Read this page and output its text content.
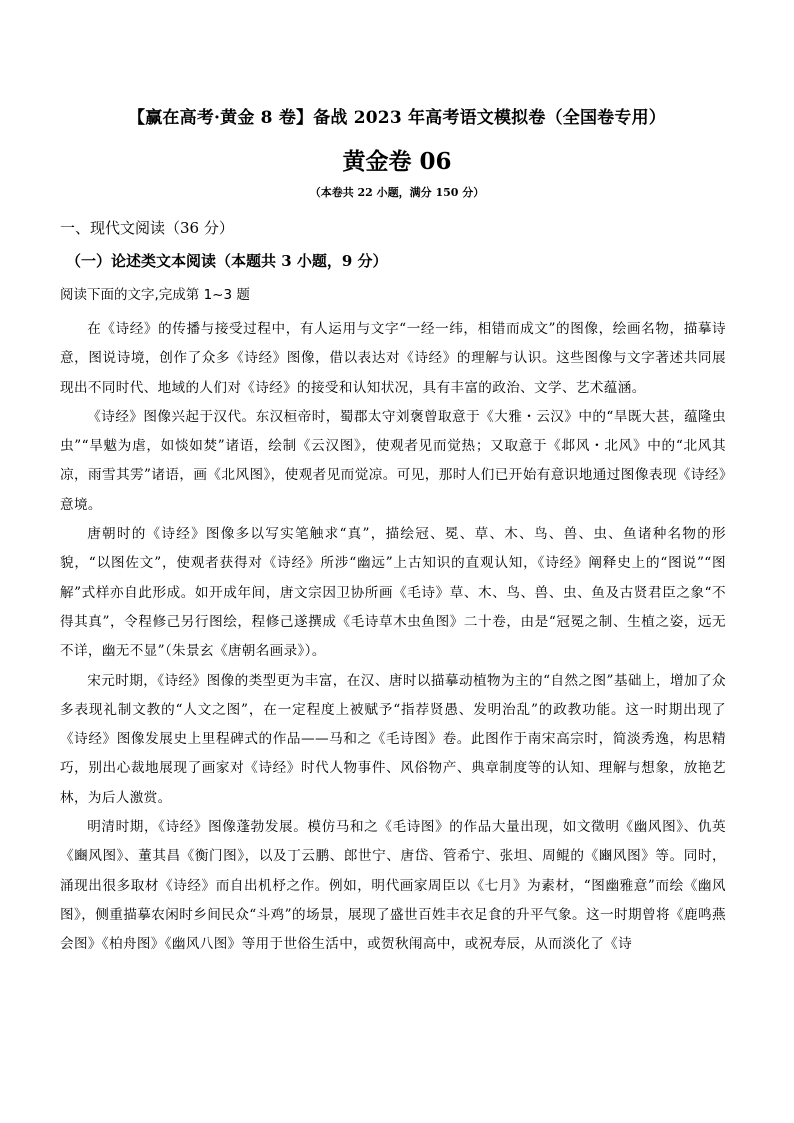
【赢在高考·黄金 8 卷】备战 2023 年高考语文模拟卷（全国卷专用）
黄金卷 06
（本卷共 22 小题，满分 150 分）
一、现代文阅读（36 分）
（一）论述类文本阅读（本题共 3 小题，9 分）
阅读下面的文字,完成第 1~3 题

在《诗经》的传播与接受过程中，有人运用与文字“一经一纬，相错而成文”的图像，绘画名物，描摹诗意，图说诗境，创作了众多《诗经》图像，借以表达对《诗经》的理解与认识。这些图像与文字著述共同展现出不同时代、地域的人们对《诗经》的接受和认知状况，具有丰富的政治、文学、艺术蕴涵。

《诗经》图像兴起于汉代。东汉桓帝时，蜀郡太守刘褒曾取意于《大雅・云汉》中的“旱既大甚，蕴隆虫虫”“旱魃为虐，如惔如焚”诸语，绘制《云汉图》，使观者见而觉热；又取意于《邶风・北风》中的“北风其凉，雨雪其雱”诸语，画《北风图》，使观者见而觉凉。可见，那时人们已开始有意识地通过图像表现《诗经》意境。

唐朝时的《诗经》图像多以写实笔触求“真”，描绘冠、冕、草、木、鸟、兽、虫、鱼诸种名物的形貌，“以图佐文”，使观者获得对《诗经》所涉“幽远”上古知识的直观认知，《诗经》阐释史上的“图说”“图解”式样亦自此形成。如开成年间，唐文宗因卫协所画《毛诗》草、木、鸟、兽、虫、鱼及古贤君臣之象“不得其真”，令程修己另行图绘，程修己遂撰成《毛诗草木虫鱼图》二十卷，由是“冠冕之制、生植之姿，远无不详，幽无不显”（朱景玄《唐朝名画录》）。

宋元时期，《诗经》图像的类型更为丰富，在汉、唐时以描摹动植物为主的“自然之图”基础上，增加了众多表现礼制文教的“人文之图”，在一定程度上被赋予“指荐贤愚、发明治乱”的政教功能。这一时期出现了《诗经》图像发展史上里程碑式的作品——马和之《毛诗图》卷。此图作于南宋高宗时，简淡秀逸，构思精巧，别出心裁地展现了画家对《诗经》时代人物事件、风俗物产、典章制度等的认知、理解与想象，放艳艺林，为后人激赏。

明清时期，《诗经》图像蓬勃发展。模仿马和之《毛诗图》的作品大量出现，如文徵明《幽风图》、仇英《豳风图》、董其昌《衡门图》，以及丁云鹏、郎世宁、唐岱、管希宁、张坦、周鲲的《豳风图》等。同时，涌现出很多取材《诗经》而自出机杼之作。例如，明代画家周臣以《七月》为素材，“图幽雅意”而绘《幽风图》，侧重描摹农闲时乡间民众“斗鸡”的场景，展现了盛世百姓丰衣足食的升平气象。这一时期曾将《鹿鸣燕会图》《柏舟图》《幽风八图》等用于世俗生活中，或贺秋闱高中，或祝寿辰，从而淡化了《诗
